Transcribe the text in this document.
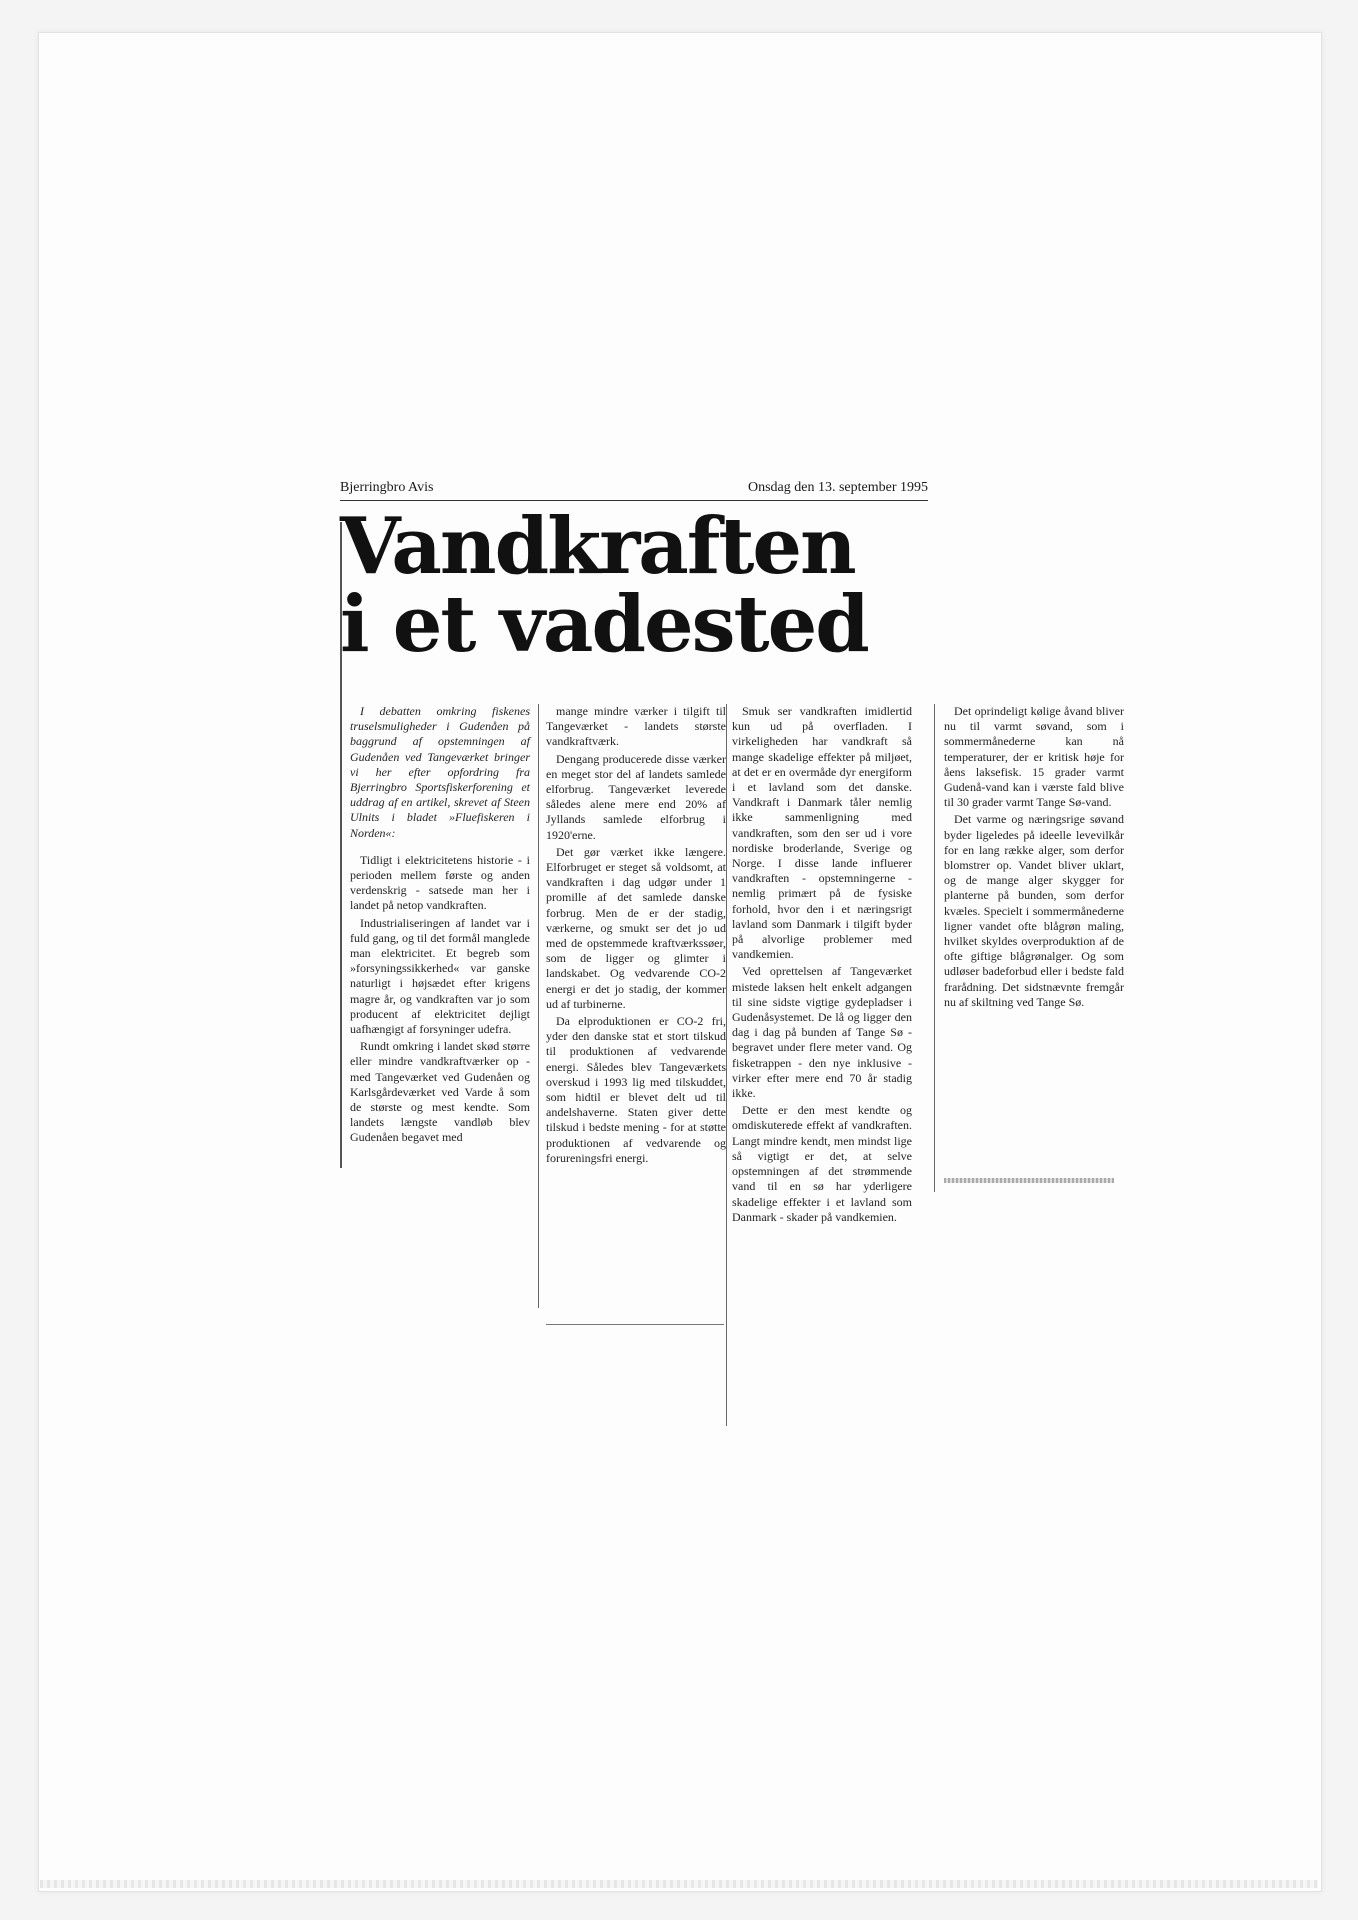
Bjerringbro Avis	Onsdag den 13. september 1995
Vandkraften
i et vadested

I debatten omkring fiskenes truselsmuligheder i Gudenåen på baggrund af opstemningen af Gudenåen ved Tangeværket bringer vi her efter opfordring fra Bjerringbro Sportsfiskerforening et uddrag af en artikel, skrevet af Steen Ulnits i bladet »Fluefiskeren i Norden«:

Tidligt i elektricitetens historie - i perioden mellem første og anden verdenskrig - satsede man her i landet på netop vandkraften.

Industrialiseringen af landet var i fuld gang, og til det formål manglede man elektricitet. Et begreb som »forsyningssikkerhed« var ganske naturligt i højsædet efter krigens magre år, og vandkraften var jo som producent af elektricitet dejligt uafhængigt af forsyninger udefra.

Rundt omkring i landet skød større eller mindre vandkraftværker op - med Tangeværket ved Gudenåen og Karlsgårdeværket ved Varde å som de største og mest kendte. Som landets længste vandløb blev Gudenåen begavet med

mange mindre værker i tilgift til Tangeværket - landets største vandkraftværk.

Dengang producerede disse værker en meget stor del af landets samlede elforbrug. Tangeværket leverede således alene mere end 20% af Jyllands samlede elforbrug i 1920'erne.

Det gør værket ikke længere. Elforbruget er steget så voldsomt, at vandkraften i dag udgør under 1 promille af det samlede danske forbrug. Men de er der stadig, værkerne, og smukt ser det jo ud med de opstemmede kraftværkssøer, som de ligger og glimter i landskabet. Og vedvarende CO-2 energi er det jo stadig, der kommer ud af turbinerne.

Da elproduktionen er CO-2 fri, yder den danske stat et stort tilskud til produktionen af vedvarende energi. Således blev Tangeværkets overskud i 1993 lig med tilskuddet, som hidtil er blevet delt ud til andelshaverne. Staten giver dette tilskud i bedste mening - for at støtte produktionen af vedvarende og forureningsfri energi.

Smuk ser vandkraften imidlertid kun ud på overfladen. I virkeligheden har vandkraft så mange skadelige effekter på miljøet, at det er en overmåde dyr energiform i et lavland som det danske. Vandkraft i Danmark tåler nemlig ikke sammenligning med vandkraften, som den ser ud i vore nordiske broderlande, Sverige og Norge. I disse lande influerer vandkraften - opstemningerne - nemlig primært på de fysiske forhold, hvor den i et næringsrigt lavland som Danmark i tilgift byder på alvorlige problemer med vandkemien.

Ved oprettelsen af Tangeværket mistede laksen helt enkelt adgangen til sine sidste vigtige gydepladser i Gudenåsystemet. De lå og ligger den dag i dag på bunden af Tange Sø - begravet under flere meter vand. Og fisketrappen - den nye inklusive - virker efter mere end 70 år stadig ikke.

Dette er den mest kendte og omdiskuterede effekt af vandkraften. Langt mindre kendt, men mindst lige så vigtigt er det, at selve opstemningen af det strømmende vand til en sø har yderligere skadelige effekter i et lavland som Danmark - skader på vandkemien.

Det oprindeligt kølige åvand bliver nu til varmt søvand, som i sommermånederne kan nå temperaturer, der er kritisk høje for åens laksefisk. 15 grader varmt Gudenå-vand kan i værste fald blive til 30 grader varmt Tange Sø-vand.

Det varme og næringsrige søvand byder ligeledes på ideelle levevilkår for en lang række alger, som derfor blomstrer op. Vandet bliver uklart, og de mange alger skygger for planterne på bunden, som derfor kvæles. Specielt i sommermånederne ligner vandet ofte blågrøn maling, hvilket skyldes overproduktion af de ofte giftige blågrønalger. Og som udløser badeforbud eller i bedste fald frarådning. Det sidstnævnte fremgår nu af skiltning ved Tange Sø.
